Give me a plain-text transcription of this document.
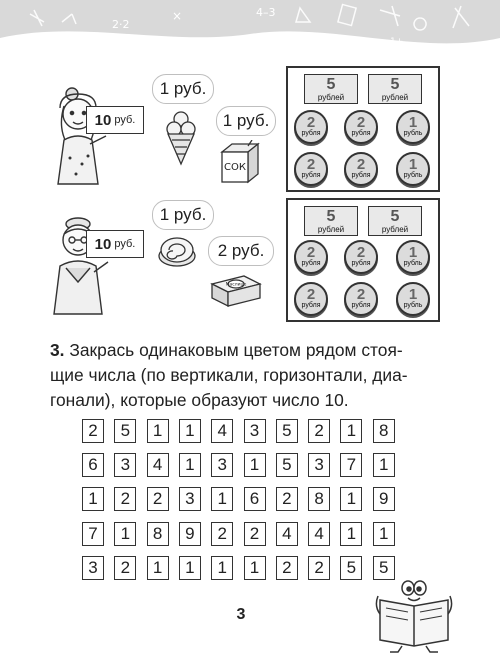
2·2
4–3
×
1+
10 руб.
1 руб.
1 руб.
СОК
5
рублей
5
рублей
2
рубля
2
рубля
1
рубль
2
рубля
2
рубля
1
рубль
10 руб.
1 руб.
2 руб.
Маслице
5
рублей
5
рублей
2
рубля
2
рубля
1
рубль
2
рубля
2
рубля
1
рубль
3. Закрась одинаковым цветом рядом стоя-
щие числа (по вертикали, горизонтали, диа-
гонали), которые образуют число 10.
2	5	1	1	4	3	5	2	1	8
6	3	4	1	3	1	5	3	7	1
1	2	2	3	1	6	2	8	1	9
7	1	8	9	2	2	4	4	1	1
3	2	1	1	1	1	2	2	5	5
3
